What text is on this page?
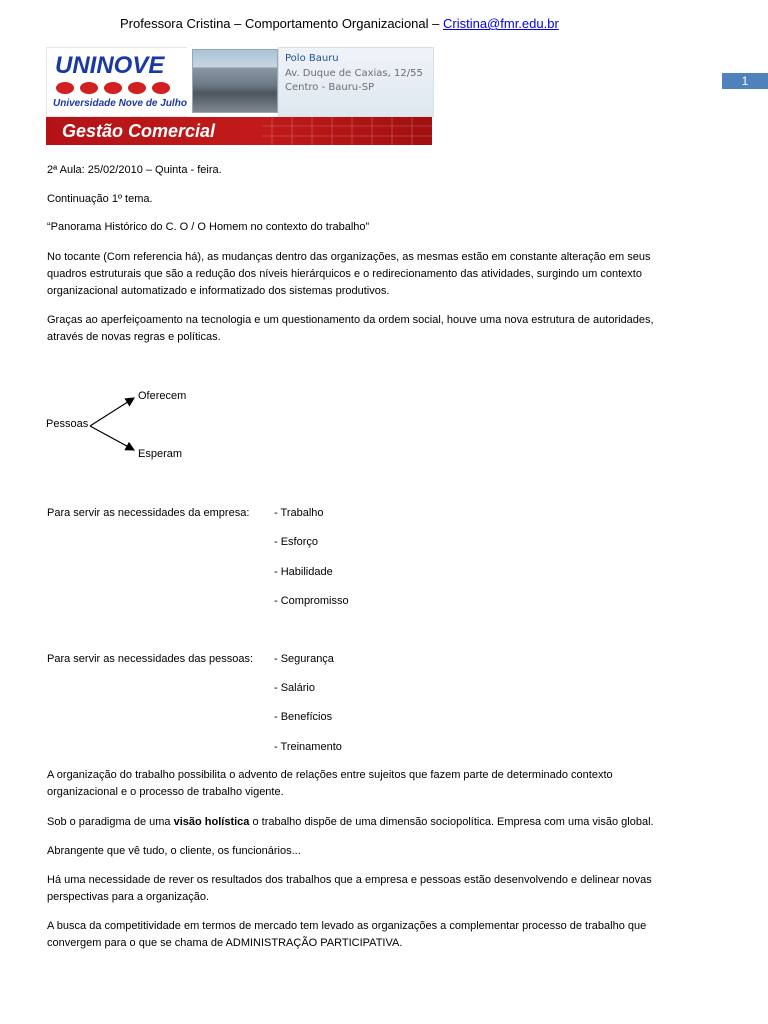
Professora Cristina – Comportamento Organizacional – Cristina@fmr.edu.br
1
UNINOVE
Universidade Nove de Julho
Polo Bauru
Av. Duque de Caxias, 12/55
Centro - Bauru-SP
Gestão Comercial
2ª Aula: 25/02/2010 – Quinta - feira.
Continuação 1º tema.
“Panorama Histórico do C. O / O Homem no contexto do trabalho”
No tocante (Com referencia há), as mudanças dentro das organizações, as mesmas estão em constante alteração em seus
quadros estruturais que são a redução dos níveis hierárquicos e o redirecionamento das atividades, surgindo um contexto
organizacional automatizado e informatizado dos sistemas produtivos.
Graças ao aperfeiçoamento na tecnologia e um questionamento da ordem social, houve uma nova estrutura de autoridades,
através de novas regras e políticas.
Pessoas
Oferecem
Esperam
Para servir as necessidades da empresa: - Trabalho
- Esforço
- Habilidade
- Compromisso
Para servir as necessidades das pessoas: - Segurança
- Salário
- Benefícios
- Treinamento
A organização do trabalho possibilita o advento de relações entre sujeitos que fazem parte de determinado contexto
organizacional e o processo de trabalho vigente.
Sob o paradigma de uma visão holística o trabalho dispõe de uma dimensão sociopolítica. Empresa com uma visão global.
Abrangente que vê tudo, o cliente, os funcionários...
Há uma necessidade de rever os resultados dos trabalhos que a empresa e pessoas estão desenvolvendo e delinear novas
perspectivas para a organização.
A busca da competitividade em termos de mercado tem levado as organizações a complementar processo de trabalho que
convergem para o que se chama de ADMINISTRAÇÃO PARTICIPATIVA.
